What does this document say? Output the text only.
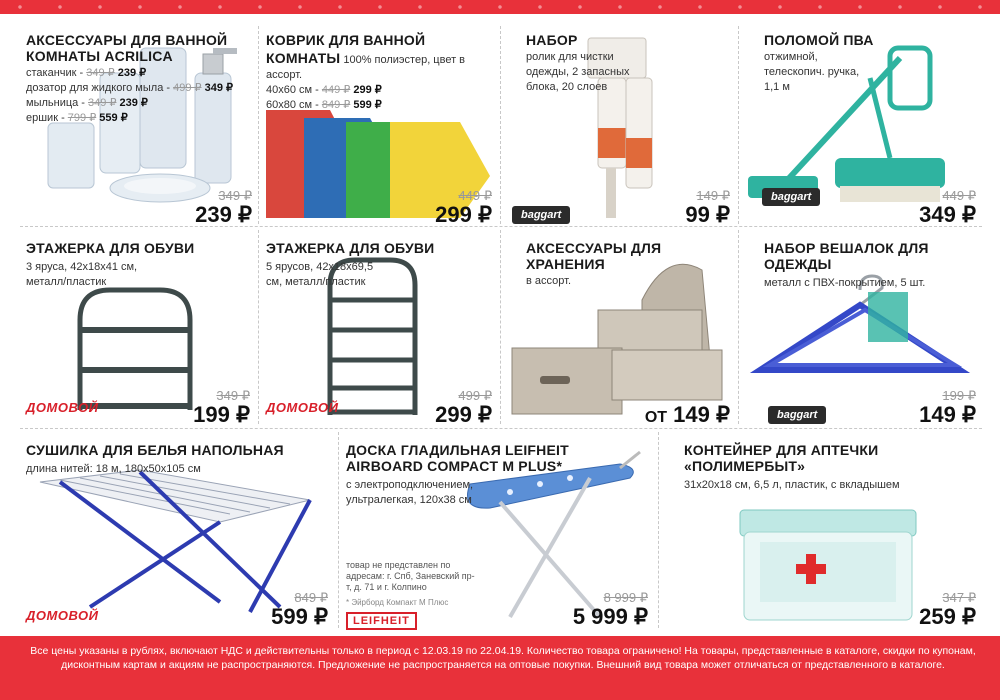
АКСЕССУАРЫ ДЛЯ ВАННОЙ КОМНАТЫ ACRILICA
стаканчик - 349 ₽ 239 ₽
дозатор для жидкого мыла - 499 ₽ 349 ₽
мыльница - 349 ₽ 239 ₽
ершик - 799 ₽ 559 ₽
349 ₽
239 ₽
КОВРИК ДЛЯ ВАННОЙ КОМНАТЫ 100% полиэстер, цвет в ассорт.
40х60 см - 449 ₽ 299 ₽
60х80 см - 849 ₽ 599 ₽
449 ₽
299 ₽
НАБОР
ролик для чистки одежды, 2 запасных блока, 20 слоев
baggart
149 ₽
99 ₽
ПОЛОМОЙ ПВА
отжимной, телескопич. ручка, 1,1 м
baggart	449 ₽
349 ₽
ЭТАЖЕРКА ДЛЯ ОБУВИ
3 яруса, 42х18х41 см, металл/пластик
ДОМОВОЙ
349 ₽
199 ₽
ЭТАЖЕРКА ДЛЯ ОБУВИ
5 ярусов, 42х18х69,5 см, металл/пластик
ДОМОВОЙ
499 ₽
299 ₽
АКСЕССУАРЫ ДЛЯ ХРАНЕНИЯ
в ассорт.
ОТ 149 ₽
НАБОР ВЕШАЛОК ДЛЯ ОДЕЖДЫ
металл с ПВХ-покрытием, 5 шт.
baggart
199 ₽
149 ₽
СУШИЛКА ДЛЯ БЕЛЬЯ НАПОЛЬНАЯ
длина нитей: 18 м, 180х50х105 см
ДОМОВОЙ
849 ₽
599 ₽
ДОСКА ГЛАДИЛЬНАЯ LEIFHEIT AIRBOARD COMPACT M PLUS*
с электроподключением, ультралегкая, 120х38 см
товар не представлен по адресам: г. Спб, Заневский пр-т, д. 71 и г. Колпино
* Эйрборд Компакт М Плюс
LEIFHEIT
8 999 ₽
5 999 ₽
КОНТЕЙНЕР ДЛЯ АПТЕЧКИ «ПОЛИМЕРБЫТ»
31х20х18 см, 6,5 л, пластик, с вкладышем
347 ₽
259 ₽
Все цены указаны в рублях, включают НДС и действительны только в период с 12.03.19 по 22.04.19. Количество товара ограничено! На товары, представленные в каталоге, скидки по купонам, дисконтным картам и акциям не распространяются. Предложение не распространяется на оптовые покупки. Внешний вид товара может отличаться от представленного в каталоге.
